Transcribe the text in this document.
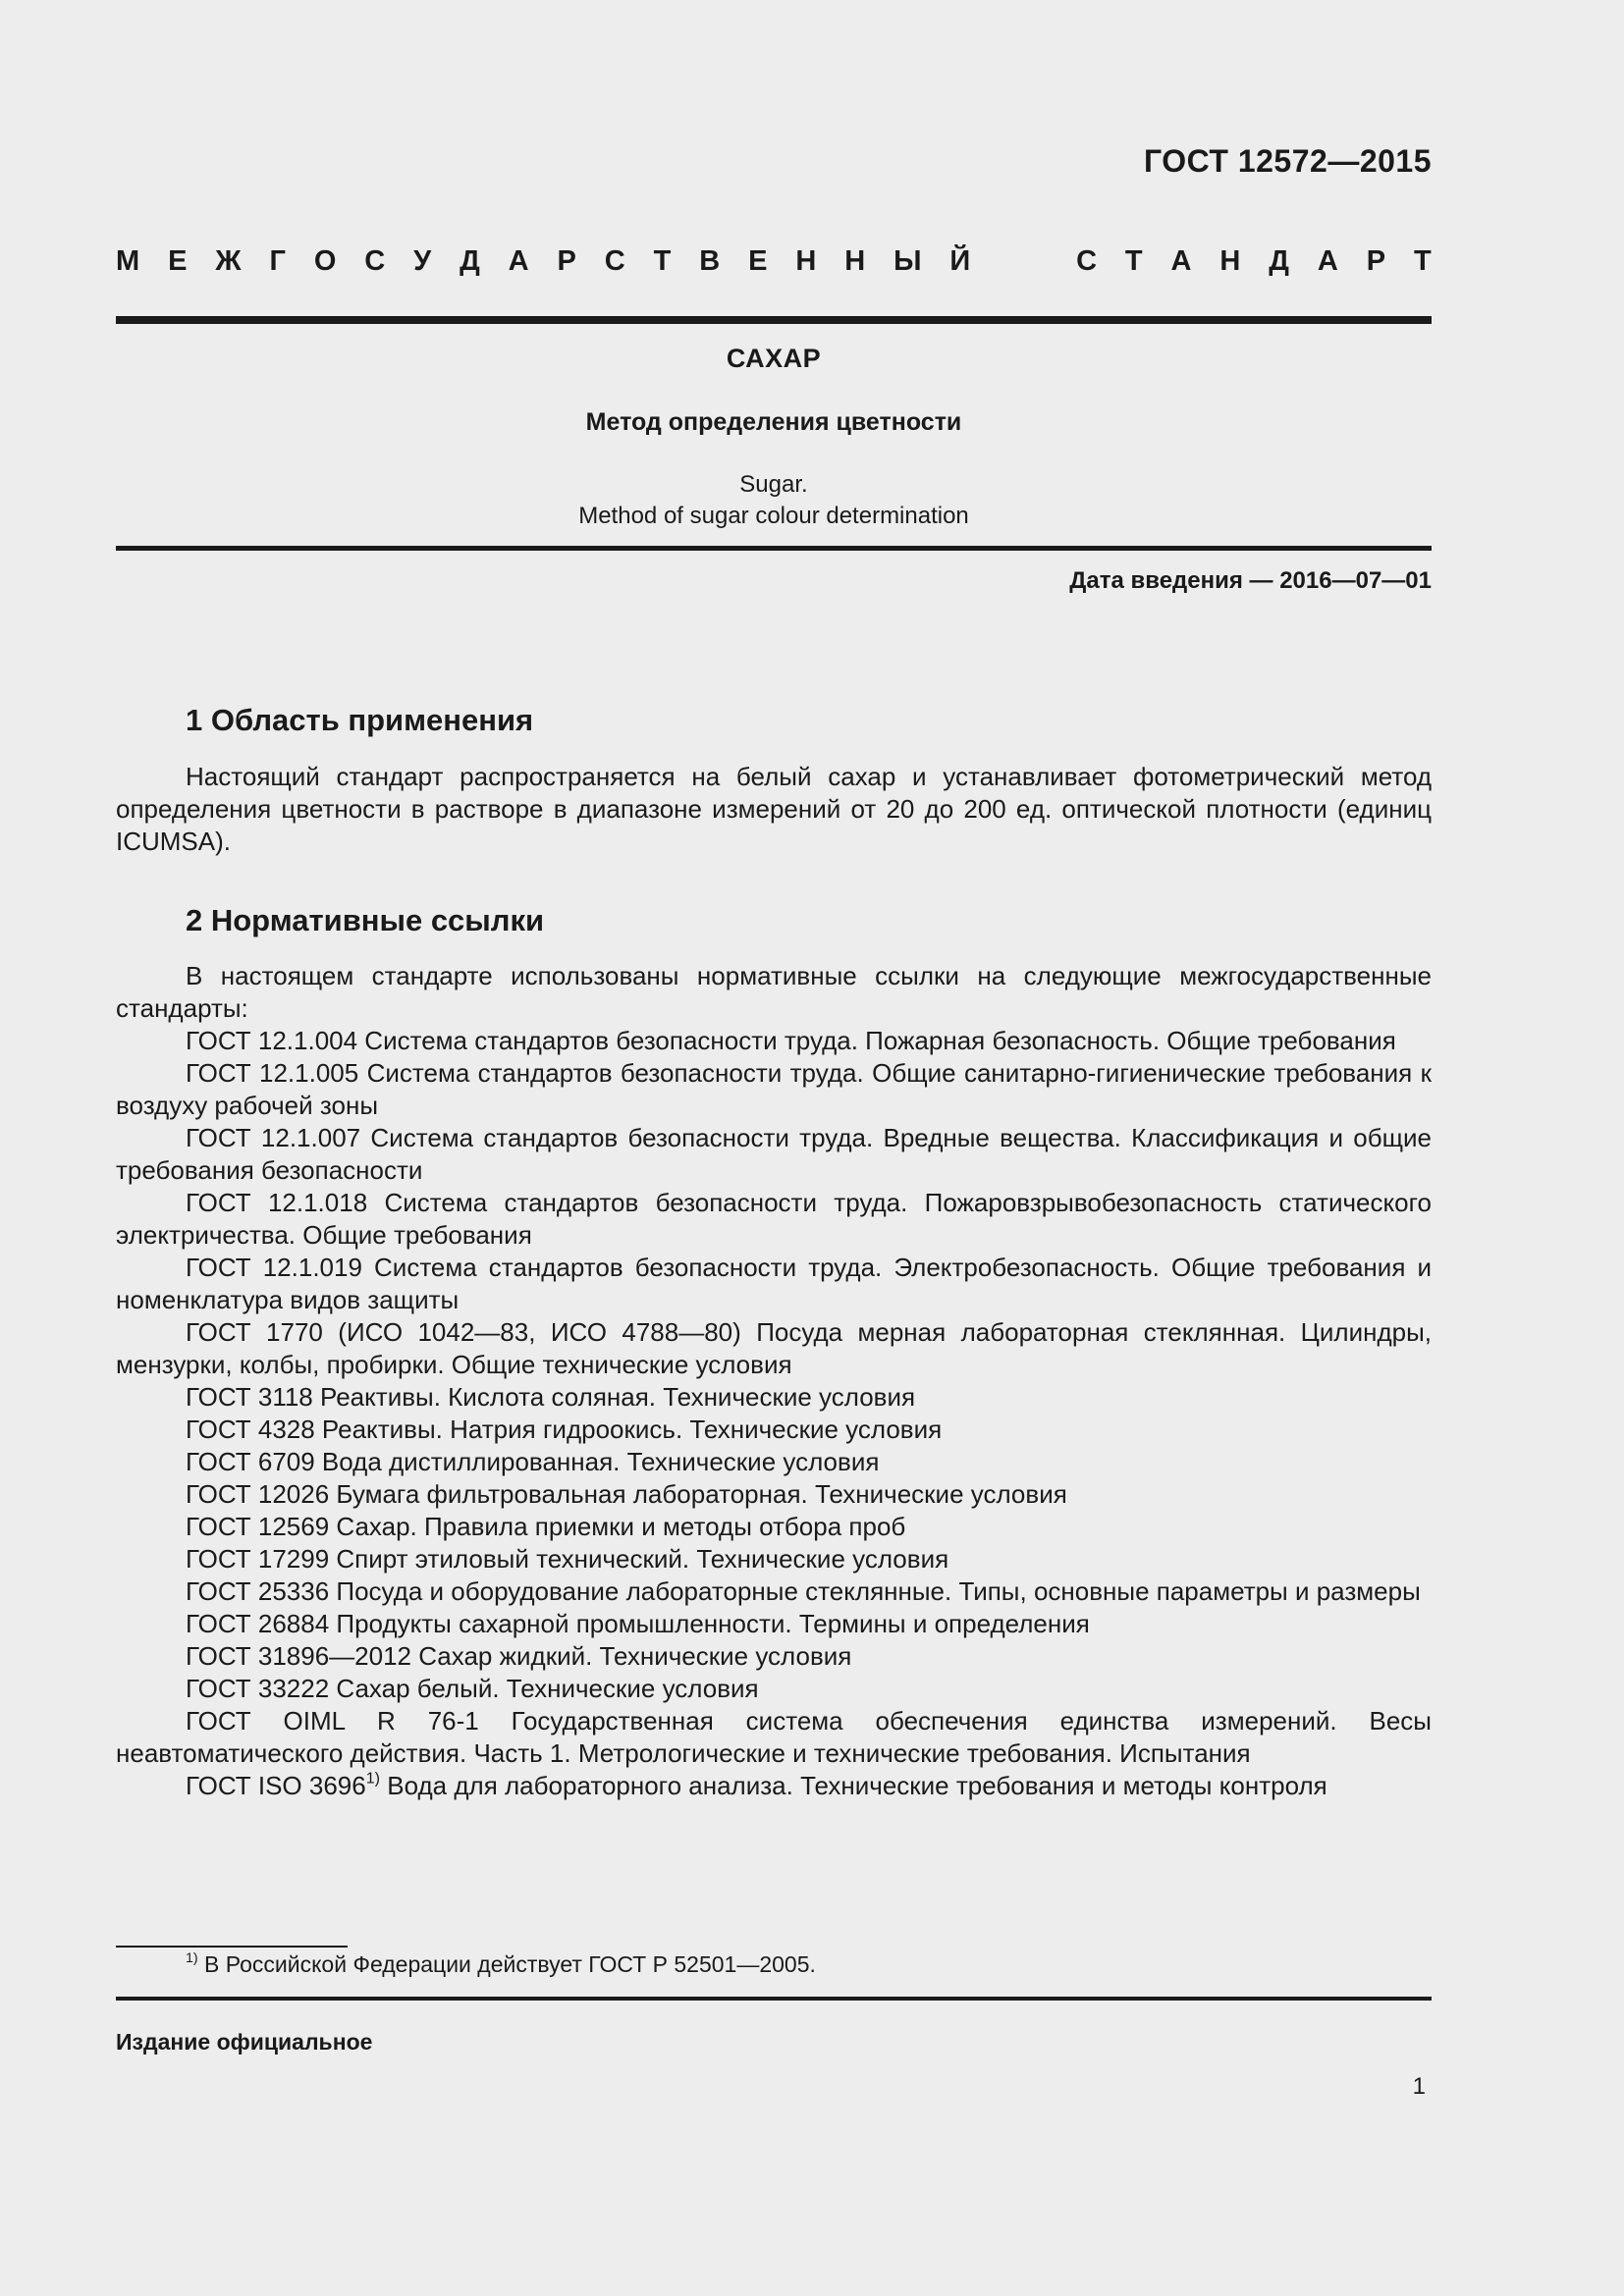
ГОСТ 12572—2015
М Е Ж Г О С У Д А Р С Т В Е Н Н Ы Й	С Т А Н Д А Р Т
САХАР
Метод определения цветности
Sugar.
Method of sugar colour determination
Дата введения — 2016—07—01
1 Область применения

Настоящий стандарт распространяется на белый сахар и устанавливает фотометрический метод определения цветности в растворе в диапазоне измерений от 20 до 200 ед. оптической плотности (единиц ICUMSA).

2 Нормативные ссылки

В настоящем стандарте использованы нормативные ссылки на следующие межгосударственные стандарты:

ГОСТ 12.1.004 Система стандартов безопасности труда. Пожарная безопасность. Общие требования

ГОСТ 12.1.005 Система стандартов безопасности труда. Общие санитарно-гигиенические требования к воздуху рабочей зоны

ГОСТ 12.1.007 Система стандартов безопасности труда. Вредные вещества. Классификация и общие требования безопасности

ГОСТ 12.1.018 Система стандартов безопасности труда. Пожаровзрывобезопасность статического электричества. Общие требования

ГОСТ 12.1.019 Система стандартов безопасности труда. Электробезопасность. Общие требования и номенклатура видов защиты

ГОСТ 1770 (ИСО 1042—83, ИСО 4788—80) Посуда мерная лабораторная стеклянная. Цилиндры, мензурки, колбы, пробирки. Общие технические условия

ГОСТ 3118 Реактивы. Кислота соляная. Технические условия

ГОСТ 4328 Реактивы. Натрия гидроокись. Технические условия

ГОСТ 6709 Вода дистиллированная. Технические условия

ГОСТ 12026 Бумага фильтровальная лабораторная. Технические условия

ГОСТ 12569 Сахар. Правила приемки и методы отбора проб

ГОСТ 17299 Спирт этиловый технический. Технические условия

ГОСТ 25336 Посуда и оборудование лабораторные стеклянные. Типы, основные параметры и размеры

ГОСТ 26884 Продукты сахарной промышленности. Термины и определения

ГОСТ 31896—2012 Сахар жидкий. Технические условия

ГОСТ 33222 Сахар белый. Технические условия

ГОСТ OIML R 76-1 Государственная система обеспечения единства измерений. Весы неавтоматического действия. Часть 1. Метрологические и технические требования. Испытания

ГОСТ ISO 3696$^{1)}$ Вода для лабораторного анализа. Технические требования и методы контроля

$^{1)}$ В Российской Федерации действует ГОСТ Р 52501—2005.
Издание официальное
1
